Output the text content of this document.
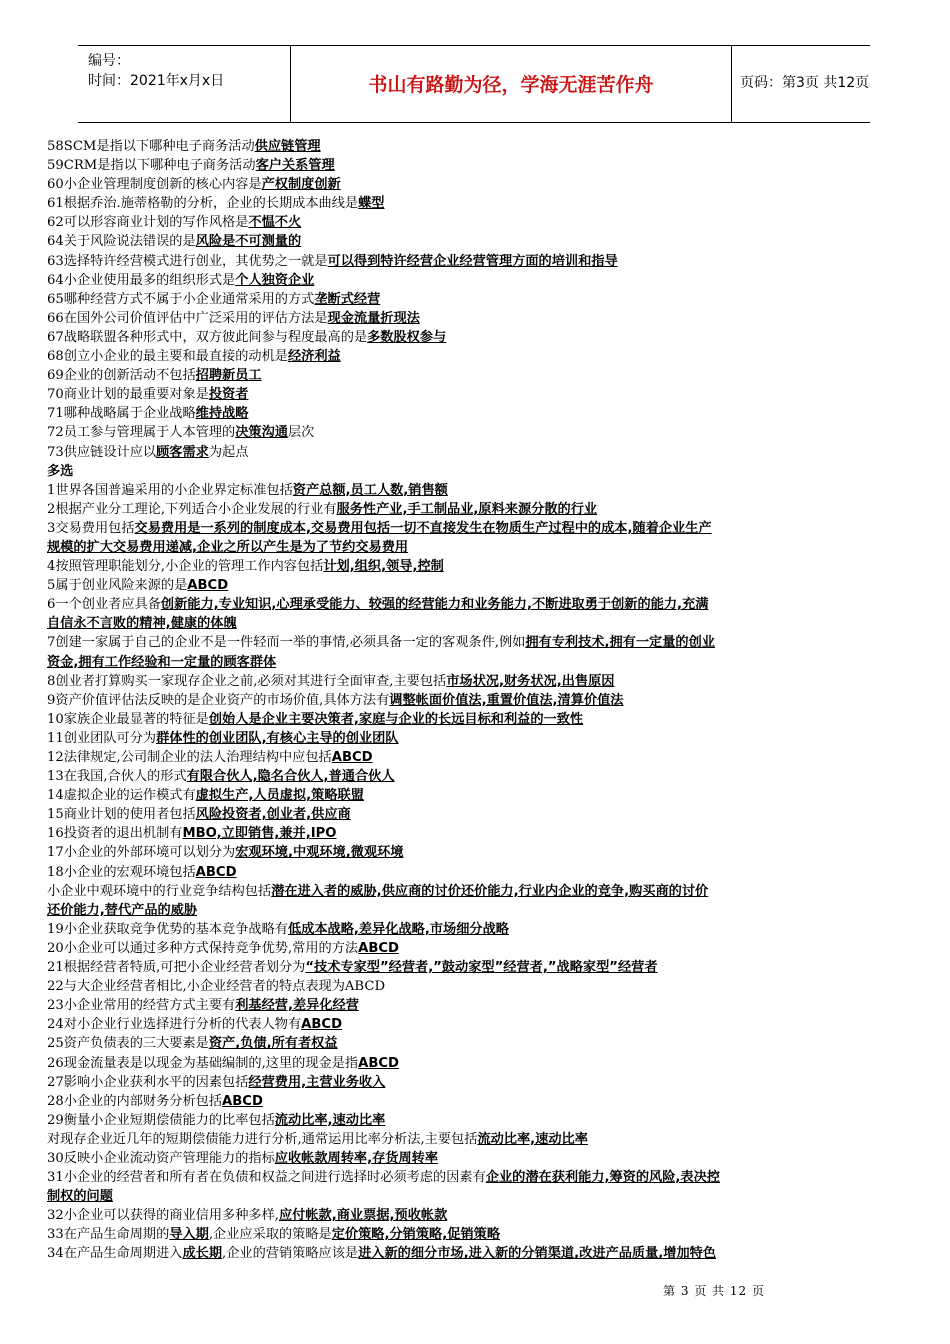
编号：
时间：2021年x月x日	书山有路勤为径，学海无涯苦作舟	页码：第3页 共12页
58SCM是指以下哪种电子商务活动供应链管理
59CRM是指以下哪种电子商务活动客户关系管理
60小企业管理制度创新的核心内容是产权制度创新
61根据乔治.施蒂格勒的分析，企业的长期成本曲线是蝶型
62可以形容商业计划的写作风格是不愠不火
64关于风险说法错误的是风险是不可测量的
63选择特许经营模式进行创业，其优势之一就是可以得到特许经营企业经营管理方面的培训和指导
64小企业使用最多的组织形式是个人独资企业
65哪种经营方式不属于小企业通常采用的方式垄断式经营
66在国外公司价值评估中广泛采用的评估方法是现金流量折现法
67战略联盟各种形式中，双方彼此间参与程度最高的是多数股权参与
68创立小企业的最主要和最直接的动机是经济利益
69企业的创新活动不包括招聘新员工
70商业计划的最重要对象是投资者
71哪种战略属于企业战略维持战略
72员工参与管理属于人本管理的决策沟通层次
73供应链设计应以顾客需求为起点
多选
1世界各国普遍采用的小企业界定标准包括资产总额,员工人数,销售额
2根据产业分工理论,下列适合小企业发展的行业有服务性产业,手工制品业,原料来源分散的行业
3交易费用包括交易费用是一系列的制度成本,交易费用包括一切不直接发生在物质生产过程中的成本,随着企业生产
规模的扩大交易费用递减,企业之所以产生是为了节约交易费用
4按照管理职能划分,小企业的管理工作内容包括计划,组织,领导,控制
5属于创业风险来源的是ABCD
6一个创业者应具备创新能力,专业知识,心理承受能力、较强的经营能力和业务能力,不断进取勇于创新的能力,充满
自信永不言败的精神,健康的体魄
7创建一家属于自己的企业不是一件轻而一举的事情,必须具备一定的客观条件,例如拥有专利技术,拥有一定量的创业
资金,拥有工作经验和一定量的顾客群体
8创业者打算购买一家现存企业之前,必须对其进行全面审查,主要包括市场状况,财务状况,出售原因
9资产价值评估法反映的是企业资产的市场价值,具体方法有调整帐面价值法,重置价值法,清算价值法
10家族企业最显著的特征是创始人是企业主要决策者,家庭与企业的长远目标和利益的一致性
11创业团队可分为群体性的创业团队,有核心主导的创业团队
12法律规定,公司制企业的法人治理结构中应包括ABCD
13在我国,合伙人的形式有限合伙人,隐名合伙人,普通合伙人
14虚拟企业的运作模式有虚拟生产,人员虚拟,策略联盟
15商业计划的使用者包括风险投资者,创业者,供应商
16投资者的退出机制有MBO,立即销售,兼并,IPO
17小企业的外部环境可以划分为宏观环境,中观环境,微观环境
18小企业的宏观环境包括ABCD
小企业中观环境中的行业竞争结构包括潜在进入者的威胁,供应商的讨价还价能力,行业内企业的竞争,购买商的讨价
还价能力,替代产品的威胁
19小企业获取竞争优势的基本竞争战略有低成本战略,差异化战略,市场细分战略
20小企业可以通过多种方式保持竞争优势,常用的方法ABCD
21根据经营者特质,可把小企业经营者划分为“技术专家型”经营者,”鼓动家型”经营者,”战略家型”经营者
22与大企业经营者相比,小企业经营者的特点表现为ABCD
23小企业常用的经营方式主要有利基经营,差异化经营
24对小企业行业选择进行分析的代表人物有ABCD
25资产负债表的三大要素是资产,负债,所有者权益
26现金流量表是以现金为基础编制的,这里的现金是指ABCD
27影响小企业获利水平的因素包括经营费用,主营业务收入
28小企业的内部财务分析包括ABCD
29衡量小企业短期偿债能力的比率包括流动比率,速动比率
对现存企业近几年的短期偿债能力进行分析,通常运用比率分析法,主要包括流动比率,速动比率
30反映小企业流动资产管理能力的指标应收帐款周转率,存货周转率
31小企业的经营者和所有者在负债和权益之间进行选择时必须考虑的因素有企业的潜在获利能力,筹资的风险,表决控
制权的问题
32小企业可以获得的商业信用多种多样,应付帐款,商业票据,预收帐款
33在产品生命周期的导入期,企业应采取的策略是定价策略,分销策略,促销策略
34在产品生命周期进入成长期,企业的营销策略应该是进入新的细分市场,进入新的分销渠道,改进产品质量,增加特色
第 3 页 共 12 页
